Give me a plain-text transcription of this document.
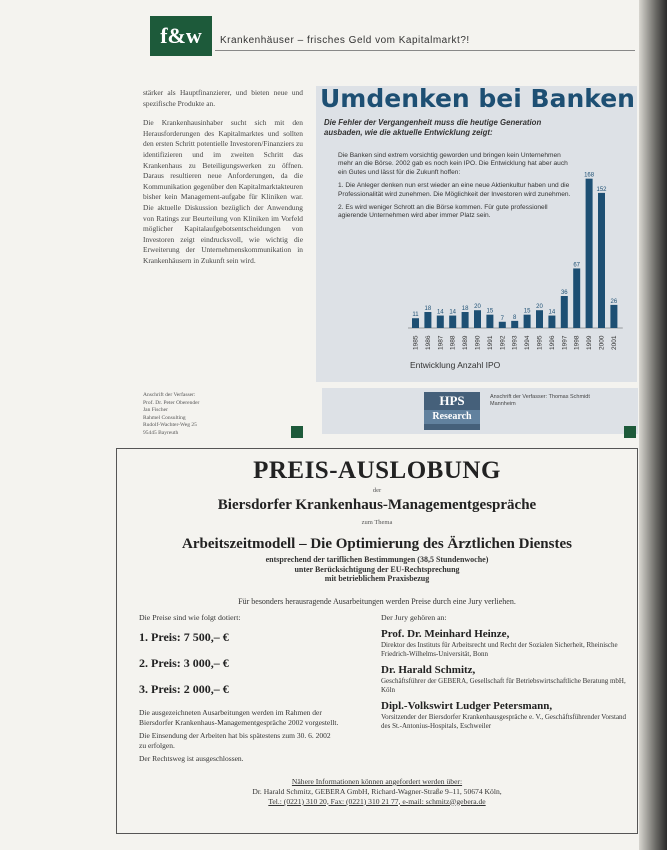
f&w	Krankenhäuser – frisches Geld vom Kapitalmarkt?!

stärker als Hauptfinanzierer, und bieten neue und spezifische Produkte an.

Die Krankenhausinhaber sucht sich mit den Herausforderungen des Kapitalmarktes und sollten den ersten Schritt potentielle Investoren/Finanziers zu identifizieren und im zweiten Schritt das Krankenhaus zu Beteiligungswerken zu öffnen. Daraus resultieren neue Anforderungen, da die Kommunikation gegenüber den Kapitalmarktakteuren bisher kein Management-aufgabe für Kliniken war. Die aktuelle Diskussion bezüglich der Anwendung von Ratings zur Beurteilung von Kliniken im Vorfeld möglicher Kapitalaufgebotsentscheidungen von Investoren zeigt eindrucksvoll, wie wichtig die Erweiterung der Unternehmenskommunikation in Krankenhäusern in Zukunft sein wird.

Anschrift der Verfasser:
Prof. Dr. Peter Oberender
Jan Fischer
Rahmel Consulting
Rudolf-Wachter-Weg 25
95445 Bayreuth
Umdenken bei Banken
Die Fehler der Vergangenheit muss die heutige Generation ausbaden, wie die aktuelle Entwicklung zeigt:

Die Banken sind extrem vorsichtig geworden und bringen kein Unternehmen mehr an die Börse. 2002 gab es noch kein IPO. Die Entwicklung hat aber auch ein Gutes und lässt für die Zukunft hoffen:

1. Die Anleger denken nun erst wieder an eine neue Aktienkultur haben und die Professionalität wird zunehmen. Die Möglichkeit der Investoren wird zunehmen.

2. Es wird weniger Schrott an die Börse kommen. Für gute professionell agierende Unternehmen wird aber immer Platz sein.

11
1985
18
1986
14
1987
14
1988
18
1989
20
1990
15
1991
7
1992
8
1993
15
1994
20
1995
14
1996
36
1997
67
1998
168
1999
152
2000
26
2001
Entwicklung Anzahl IPO
HPS
Research
Anschrift der Verfasser: Thomas Schmidt Mannheim
PREIS-AUSLOBUNG
der
Biersdorfer Krankenhaus-Managementgespräche
zum Thema
Arbeitszeitmodell – Die Optimierung des Ärztlichen Dienstes
entsprechend der tariflichen Bestimmungen (38,5 Stundenwoche)
unter Berücksichtigung der EU-Rechtsprechung
mit betrieblichem Praxisbezug
Für besonders herausragende Ausarbeitungen werden Preise durch eine Jury verliehen.
Die Preise sind wie folgt dotiert:

1. Preis: 7 500,– €

2. Preis: 3 000,– €

3. Preis: 2 000,– €

Die ausgezeichneten Ausarbeitungen werden im Rahmen der Biersdorfer Krankenhaus-Managementgespräche 2002 vorgestellt.
Die Einsendung der Arbeiten hat bis spätestens zum 30. 6. 2002 zu erfolgen.
Der Rechtsweg ist ausgeschlossen.
Der Jury gehören an:

Prof. Dr. Meinhard Heinze,

Direktor des Instituts für Arbeitsrecht und Recht der Sozialen Sicherheit, Rheinische Friedrich-Wilhelms-Universität, Bonn

Dr. Harald Schmitz,

Geschäftsführer der GEBERA, Gesellschaft für Betriebswirtschaftliche Beratung mbH, Köln

Dipl.-Volkswirt Ludger Petersmann,

Vorsitzender der Biersdorfer Krankenhausgespräche e. V., Geschäftsführender Vorstand des St.-Antonius-Hospitals, Eschweiler

Nähere Informationen können angefordert werden über:
Dr. Harald Schmitz, GEBERA GmbH, Richard-Wagner-Straße 9–11, 50674 Köln,
Tel.: (0221) 310 20, Fax: (0221) 310 21 77, e-mail: schmitz@gebera.de
